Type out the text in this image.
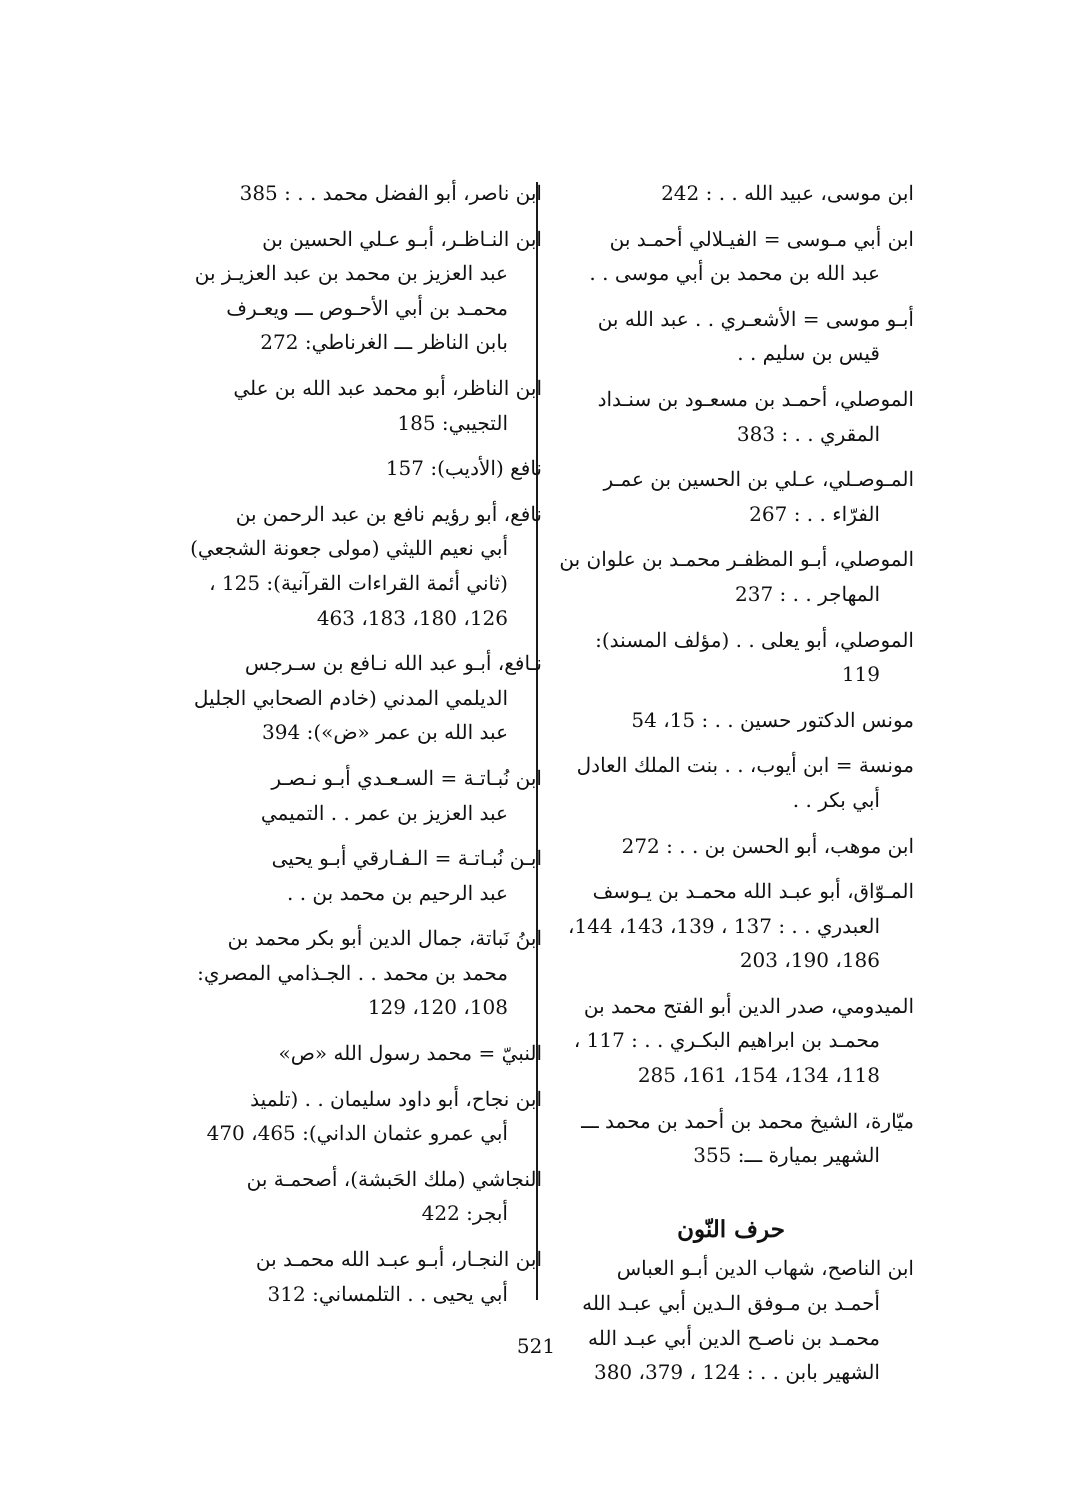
ابن موسى، عبيد الله . . : 242
ابن أبي مـوسى = الفيـلالي أحمـد بن
عبد الله بن محمد بن أبي موسى . .
أبـو موسى = الأشعـري . . عبد الله بن
قيس بن سليم . .
الموصلي، أحمـد بن مسعـود بن سنـداد
المقري . . : 383
المـوصـلي، عـلي بن الحسين بن عمـر
الفرّاء . . : 267
الموصلي، أبـو المظفـر محمـد بن علوان بن
المهاجر . . : 237
الموصلي، أبو يعلى . . (مؤلف المسند):
119
مونس الدكتور حسين . . : 15، 54
مونسة = ابن أيوب، . . بنت الملك العادل
أبي بكر . .
ابن موهب، أبو الحسن بن . . : 272
المـوّاق، أبو عبـد الله محمـد بن يـوسف
العبدري . . : 137 ، 139، 143، 144،
186، 190، 203
الميدومي، صدر الدين أبو الفتح محمد بن
محمـد بن ابراهيم البكـري . . : 117 ،
118، 134، 154، 161، 285
ميّارة، الشيخ محمد بن أحمد بن محمد ـــ
الشهير بميارة ـــ: 355
حرف النّون
ابن الناصح، شهاب الدين أبـو العباس
أحمـد بن مـوفق الـدين أبي عبـد الله
محمـد بن ناصـح الدين أبي عبـد الله
الشهير بابن . . : 124 ، 379، 380
ابن ناصر، أبو الفضل محمد . . : 385
ابن النـاظـر، أبـو عـلي الحسين بن
عبد العزيز بن محمد بن عبد العزيـز بن
محمـد بن أبي الأحـوص ـــ ويعـرف
بابن الناظر ـــ الغرناطي: 272
ابن الناظر، أبو محمد عبد الله بن علي
التجيبي: 185
نافع (الأديب): 157
نافع، أبو رؤيم نافع بن عبد الرحمن بن
أبي نعيم الليثي (مولى جعونة الشجعي)
(ثاني أئمة القراءات القرآنية): 125 ،
126، 180، 183، 463
نـافع، أبـو عبد الله نـافع بن سـرجس
الديلمي المدني (خادم الصحابي الجليل
عبد الله بن عمر «ض»): 394
ابن نُبـاتـة = السـعـدي أبـو نـصـر
عبد العزيز بن عمر . . التميمي
ابـن نُبـاتـة = الـفـارقي أبـو يحيى
عبد الرحيم بن محمد بن . .
ابنُ نَباتة، جمال الدين أبو بكر محمد بن
محمد بن محمد . . الجـذامي المصري:
108، 120، 129
النبيّ = محمد رسول الله «ص»
ابن نجاح، أبو داود سليمان . . (تلميذ
أبي عمرو عثمان الداني): 465، 470
النجاشي (ملك الحَبشة)، أصحمـة بن
أبجر: 422
ابن النجـار، أبـو عبـد الله محمـد بن
أبي يحيى . . التلمساني: 312
521
